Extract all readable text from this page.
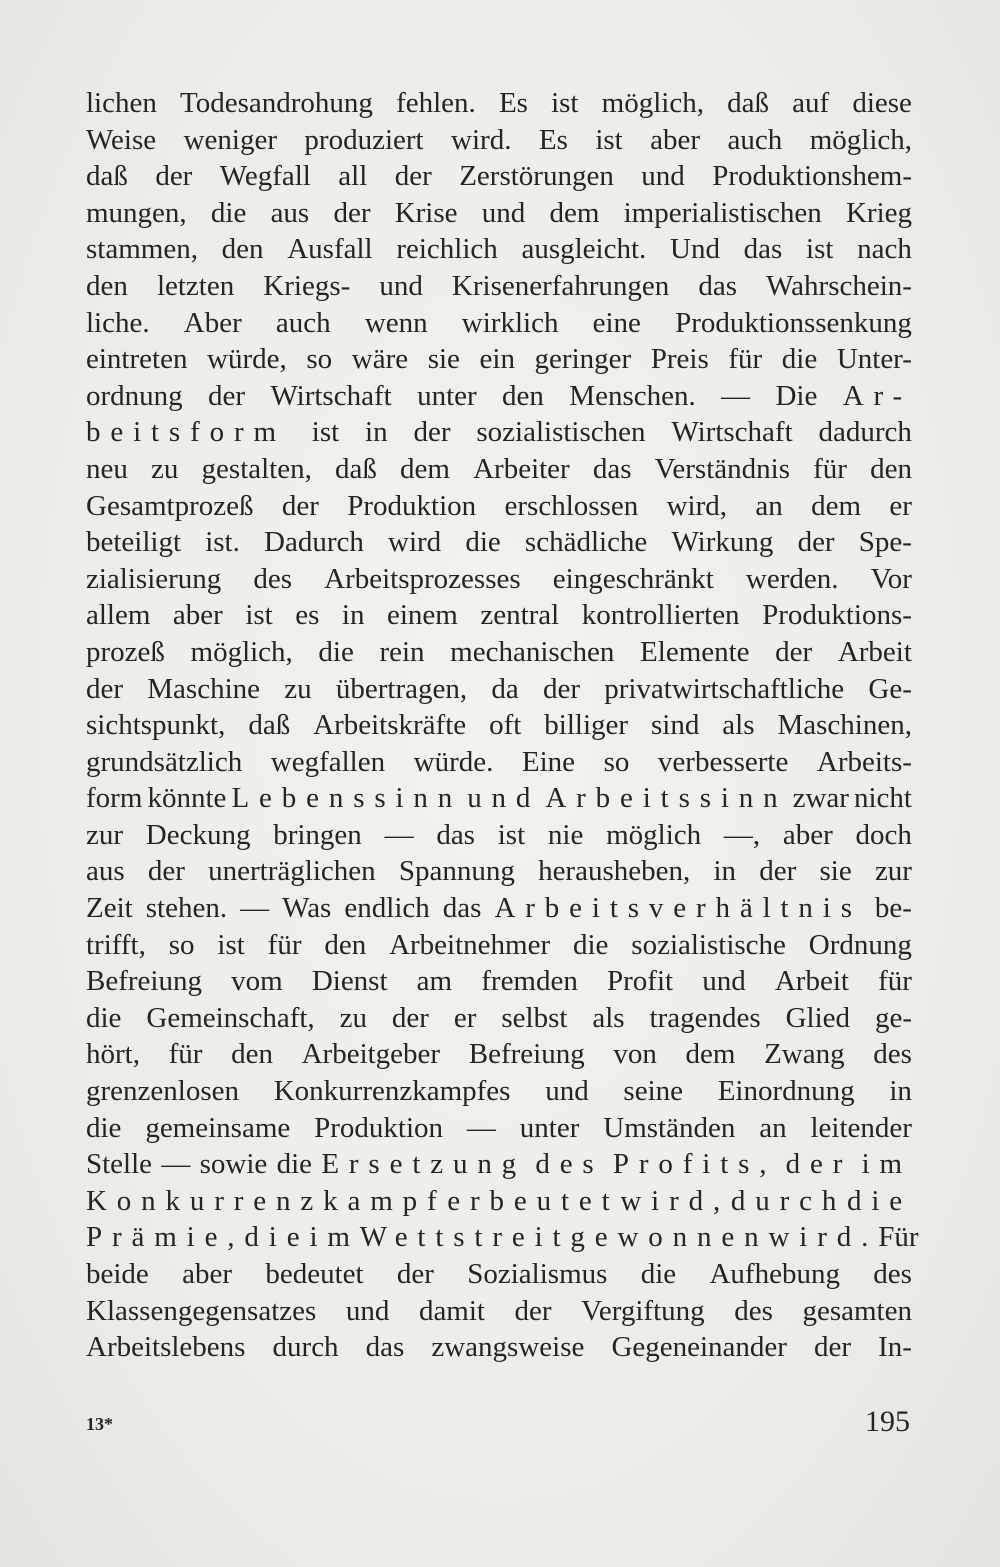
lichen Todesandrohung fehlen. Es ist möglich, daß auf diese
Weise weniger produziert wird. Es ist aber auch möglich,
daß der Wegfall all der Zerstörungen und Produktionshem-
mungen, die aus der Krise und dem imperialistischen Krieg
stammen, den Ausfall reichlich ausgleicht. Und das ist nach
den letzten Kriegs- und Krisenerfahrungen das Wahrschein-
liche. Aber auch wenn wirklich eine Produktionssenkung
eintreten würde, so wäre sie ein geringer Preis für die Unter-
ordnung der Wirtschaft unter den Menschen. — Die Ar-
beitsform ist in der sozialistischen Wirtschaft dadurch
neu zu gestalten, daß dem Arbeiter das Verständnis für den
Gesamtprozeß der Produktion erschlossen wird, an dem er
beteiligt ist. Dadurch wird die schädliche Wirkung der Spe-
zialisierung des Arbeitsprozesses eingeschränkt werden. Vor
allem aber ist es in einem zentral kontrollierten Produktions-
prozeß möglich, die rein mechanischen Elemente der Arbeit
der Maschine zu übertragen, da der privatwirtschaftliche Ge-
sichtspunkt, daß Arbeitskräfte oft billiger sind als Maschinen,
grundsätzlich wegfallen würde. Eine so verbesserte Arbeits-
form könnte Lebenssinn und Arbeitssinn zwar nicht
zur Deckung bringen — das ist nie möglich —, aber doch
aus der unerträglichen Spannung herausheben, in der sie zur
Zeit stehen. — Was endlich das Arbeitsverhältnis be-
trifft, so ist für den Arbeitnehmer die sozialistische Ordnung
Befreiung vom Dienst am fremden Profit und Arbeit für
die Gemeinschaft, zu der er selbst als tragendes Glied ge-
hört, für den Arbeitgeber Befreiung von dem Zwang des
grenzenlosen Konkurrenzkampfes und seine Einordnung in
die gemeinsame Produktion — unter Umständen an leitender
Stelle — sowie die Ersetzung des Profits, der im
Konkurrenzkampf erbeutet wird, durch die
Prämie, die im Wettstreit gewonnen wird. Für
beide aber bedeutet der Sozialismus die Aufhebung des
Klassengegensatzes und damit der Vergiftung des gesamten
Arbeitslebens durch das zwangsweise Gegeneinander der In-
13*	195
